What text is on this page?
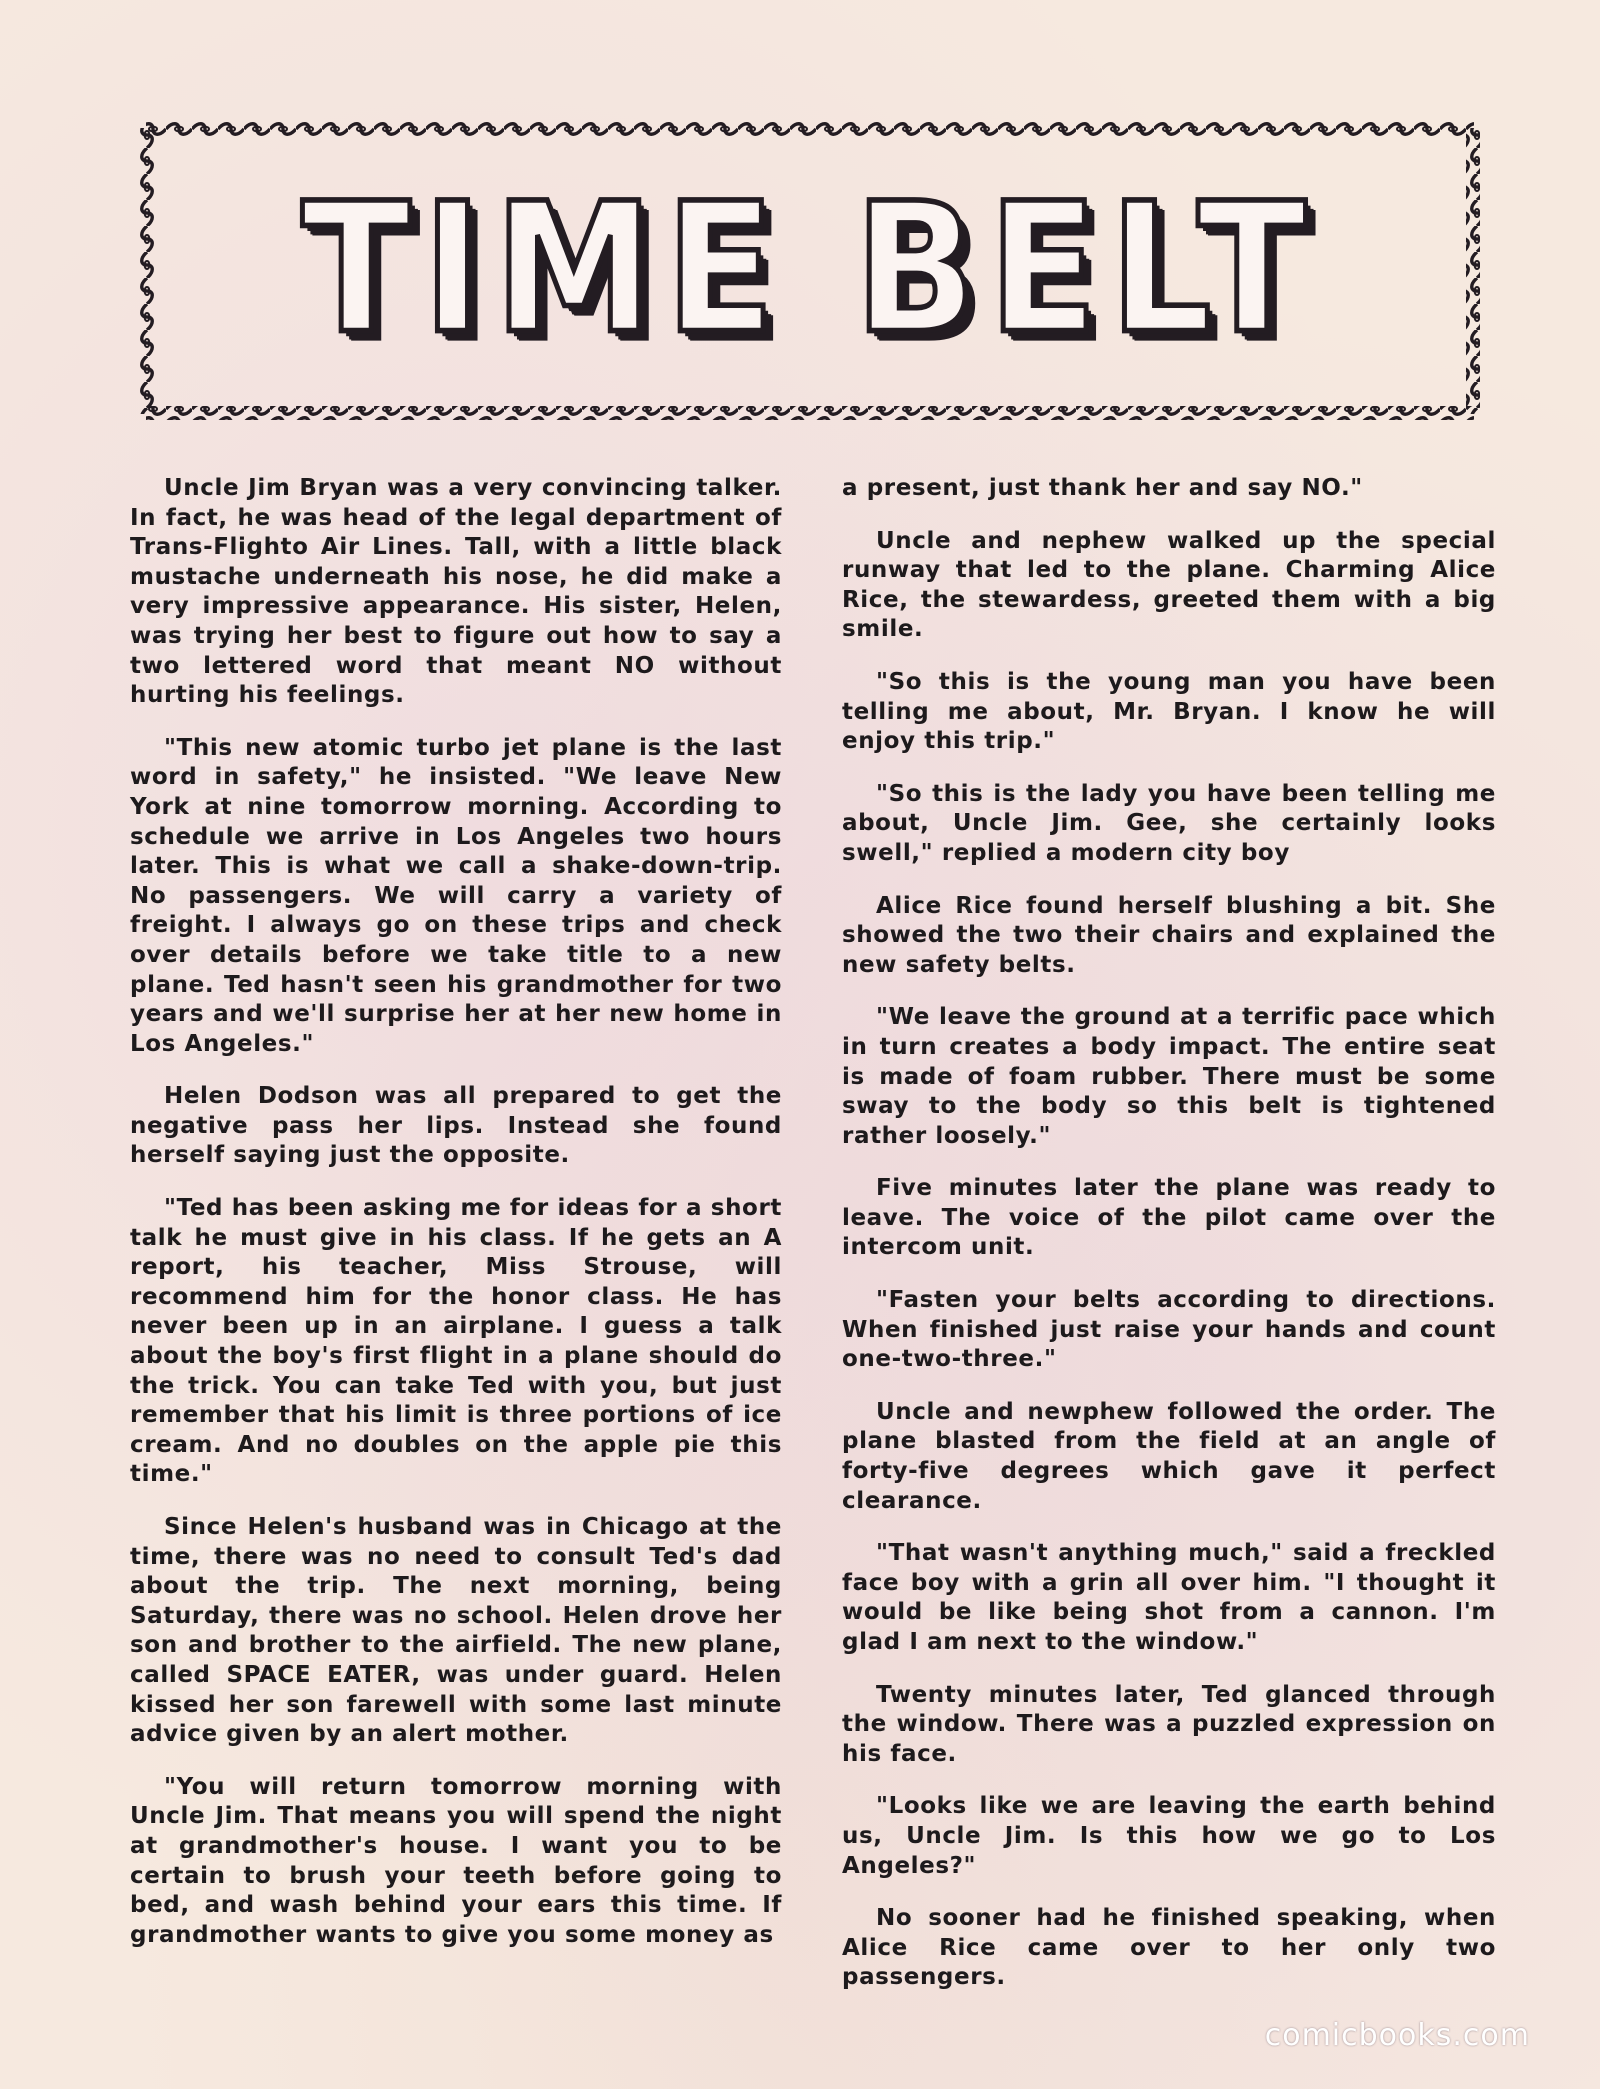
TIME BELT

Uncle Jim Bryan was a very convincing talker. In fact, he was head of the legal department of Trans-Flighto Air Lines. Tall, with a little black mustache underneath his nose, he did make a very impressive appearance. His sister, Helen, was trying her best to figure out how to say a two lettered word that meant NO without hurting his feelings.

"This new atomic turbo jet plane is the last word in safety," he insisted. "We leave New York at nine tomorrow morning. According to schedule we arrive in Los Angeles two hours later. This is what we call a shake-down-trip. No passengers. We will carry a variety of freight. I always go on these trips and check over details before we take title to a new plane. Ted hasn't seen his grandmother for two years and we'll surprise her at her new home in Los Angeles."

Helen Dodson was all prepared to get the negative pass her lips. Instead she found herself saying just the opposite.

"Ted has been asking me for ideas for a short talk he must give in his class. If he gets an A report, his teacher, Miss Strouse, will recommend him for the honor class. He has never been up in an airplane. I guess a talk about the boy's first flight in a plane should do the trick. You can take Ted with you, but just remember that his limit is three portions of ice cream. And no doubles on the apple pie this time."

Since Helen's husband was in Chicago at the time, there was no need to consult Ted's dad about the trip. The next morning, being Saturday, there was no school. Helen drove her son and brother to the airfield. The new plane, called SPACE EATER, was under guard. Helen kissed her son farewell with some last minute advice given by an alert mother.

"You will return tomorrow morning with Uncle Jim. That means you will spend the night at grandmother's house. I want you to be certain to brush your teeth before going to bed, and wash behind your ears this time. If grandmother wants to give you some money as

a present, just thank her and say NO."

Uncle and nephew walked up the special runway that led to the plane. Charming Alice Rice, the stewardess, greeted them with a big smile.

"So this is the young man you have been telling me about, Mr. Bryan. I know he will enjoy this trip."

"So this is the lady you have been telling me about, Uncle Jim. Gee, she certainly looks swell," replied a modern city boy

Alice Rice found herself blushing a bit. She showed the two their chairs and explained the new safety belts.

"We leave the ground at a terrific pace which in turn creates a body impact. The entire seat is made of foam rubber. There must be some sway to the body so this belt is tightened rather loosely."

Five minutes later the plane was ready to leave. The voice of the pilot came over the intercom unit.

"Fasten your belts according to directions. When finished just raise your hands and count one-two-three."

Uncle and newphew followed the order. The plane blasted from the field at an angle of forty-five degrees which gave it perfect clearance.

"That wasn't anything much," said a freckled face boy with a grin all over him. "I thought it would be like being shot from a cannon. I'm glad I am next to the window."

Twenty minutes later, Ted glanced through the window. There was a puzzled expression on his face.

"Looks like we are leaving the earth behind us, Uncle Jim. Is this how we go to Los Angeles?"

No sooner had he finished speaking, when Alice Rice came over to her only two passengers.

comicbooks.com
